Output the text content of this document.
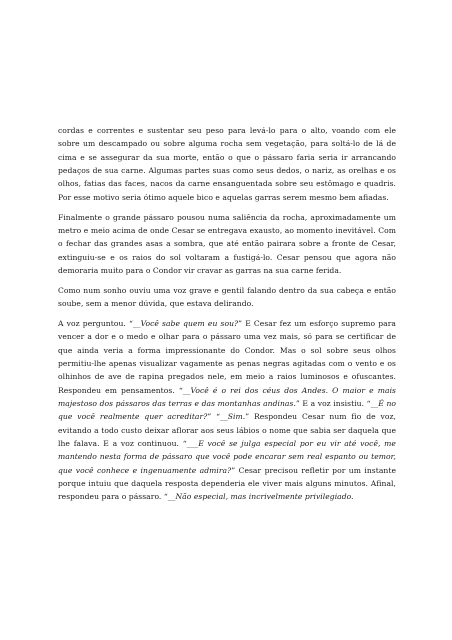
cordas e correntes e sustentar seu peso para levá-lo para o alto, voando com ele sobre um descampado ou sobre alguma rocha sem vegetação, para soltá-lo de lá de cima e se assegurar da sua morte, então o que o pássaro faria seria ir arrancando pedaços de sua carne. Algumas partes suas como seus dedos, o nariz, as orelhas e os olhos, fatias das faces, nacos da carne ensanguentada sobre seu estômago e quadris. Por esse motivo seria ótimo aquele bico e aquelas garras serem mesmo bem afiadas.

Finalmente o grande pássaro pousou numa saliência da rocha, aproximadamente um metro e meio acima de onde Cesar se entregava exausto, ao momento inevitável. Com o fechar das grandes asas a sombra, que até então pairara sobre a fronte de Cesar, extinguiu-se e os raios do sol voltaram a fustigá-lo. Cesar pensou que agora não demoraria muito para o Condor vir cravar as garras na sua carne ferida.

Como num sonho ouviu uma voz grave e gentil falando dentro da sua cabeça e então soube, sem a menor dúvida, que estava delirando.

A voz perguntou. “__Você sabe quem eu sou?” E Cesar fez um esforço supremo para vencer a dor e o medo e olhar para o pássaro uma vez mais, só para se certificar de que ainda veria a forma impressionante do Condor. Mas o sol sobre seus olhos permitiu-lhe apenas visualizar vagamente as penas negras agitadas com o vento e os olhinhos de ave de rapina pregados nele, em meio a raios luminosos e ofuscantes. Respondeu em pensamentos. “__Você é o rei dos céus dos Andes. O maior e mais majestoso dos pássaros das terras e das montanhas andinas.” E a voz insistiu. “__É no que você realmente quer acreditar?” “__Sim.” Respondeu Cesar num fio de voz, evitando a todo custo deixar aflorar aos seus lábios o nome que sabia ser daquela que lhe falava. E a voz continuou. “___E você se julga especial por eu vir até você, me mantendo nesta forma de pássaro que você pode encarar sem real espanto ou temor, que você conhece e ingenuamente admira?” Cesar precisou refletir por um instante porque intuiu que daquela resposta dependeria ele viver mais alguns minutos. Afinal, respondeu para o pássaro. “__Não especial, mas incrivelmente privilegiado.
